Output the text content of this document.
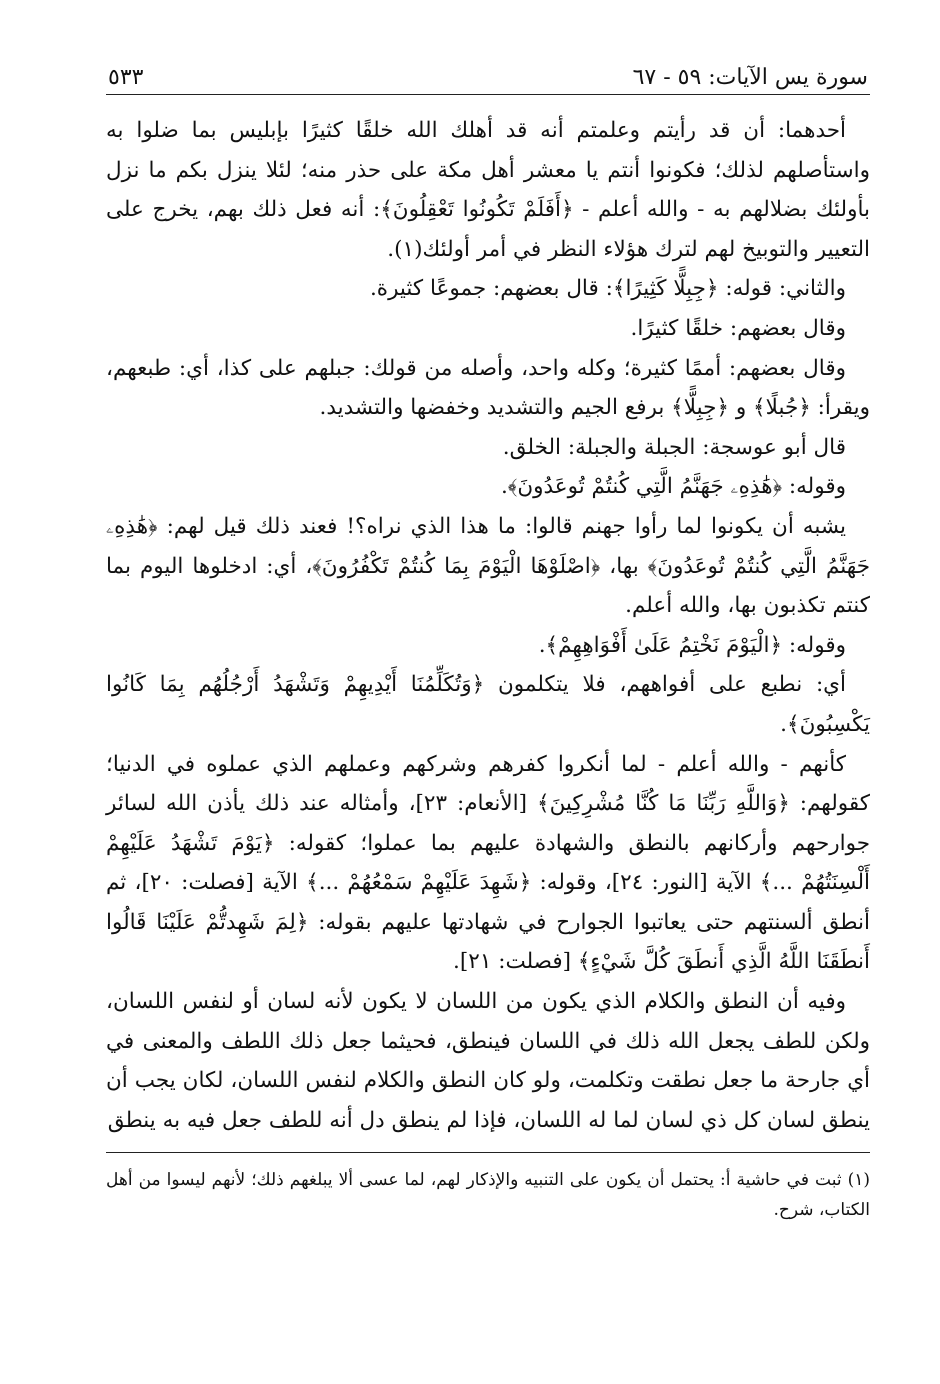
سورة يس الآيات: ٥٩ - ٦٧
٥٣٣

أحدهما: أن قد رأيتم وعلمتم أنه قد أهلك الله خلقًا كثيرًا بإبليس بما ضلوا به واستأصلهم لذلك؛ فكونوا أنتم يا معشر أهل مكة على حذر منه؛ لئلا ينزل بكم ما نزل بأولئك بضلالهم به - والله أعلم - ﴿أَفَلَمْ تَكُونُوا تَعْقِلُونَ﴾: أنه فعل ذلك بهم، يخرج على التعيير والتوبيخ لهم لترك هؤلاء النظر في أمر أولئك(١).

والثاني: قوله: ﴿جِبِلًّا كَثِيرًا﴾: قال بعضهم: جموعًا كثيرة.

وقال بعضهم: خلقًا كثيرًا.

وقال بعضهم: أممًا كثيرة؛ وكله واحد، وأصله من قولك: جبلهم على كذا، أي: طبعهم، ويقرأ: ﴿جُبلًا﴾ و ﴿جِبِلًّا﴾ برفع الجيم والتشديد وخفضها والتشديد.

قال أبو عوسجة: الجبلة والجبلة: الخلق.

وقوله: ﴿هَٰذِهِۦ جَهَنَّمُ الَّتِي كُنتُمْ تُوعَدُونَ﴾.

يشبه أن يكونوا لما رأوا جهنم قالوا: ما هذا الذي نراه؟! فعند ذلك قيل لهم: ﴿هَٰذِهِۦ جَهَنَّمُ الَّتِي كُنتُمْ تُوعَدُونَ﴾ بها، ﴿اصْلَوْهَا الْيَوْمَ بِمَا كُنتُمْ تَكْفُرُونَ﴾، أي: ادخلوها اليوم بما كنتم تكذبون بها، والله أعلم.

وقوله: ﴿الْيَوْمَ نَخْتِمُ عَلَىٰ أَفْوَاهِهِمْ﴾.

أي: نطبع على أفواههم، فلا يتكلمون ﴿وَتُكَلِّمُنَا أَيْدِيهِمْ وَتَشْهَدُ أَرْجُلُهُم بِمَا كَانُوا يَكْسِبُونَ﴾.

كأنهم - والله أعلم - لما أنكروا كفرهم وشركهم وعملهم الذي عملوه في الدنيا؛ كقولهم: ﴿وَاللَّهِ رَبِّنَا مَا كُنَّا مُشْرِكِينَ﴾ [الأنعام: ٢٣]، وأمثاله عند ذلك يأذن الله لسائر جوارحهم وأركانهم بالنطق والشهادة عليهم بما عملوا؛ كقوله: ﴿يَوْمَ تَشْهَدُ عَلَيْهِمْ أَلْسِنَتُهُمْ ...﴾ الآية [النور: ٢٤]، وقوله: ﴿شَهِدَ عَلَيْهِمْ سَمْعُهُمْ ...﴾ الآية [فصلت: ٢٠]، ثم أنطق ألسنتهم حتى يعاتبوا الجوارح في شهادتها عليهم بقوله: ﴿لِمَ شَهِدتُّمْ عَلَيْنَا قَالُوا أَنطَقَنَا اللَّهُ الَّذِي أَنطَقَ كُلَّ شَيْءٍ﴾ [فصلت: ٢١].

وفيه أن النطق والكلام الذي يكون من اللسان لا يكون لأنه لسان أو لنفس اللسان، ولكن للطف يجعل الله ذلك في اللسان فينطق، فحيثما جعل ذلك اللطف والمعنى في أي جارحة ما جعل نطقت وتكلمت، ولو كان النطق والكلام لنفس اللسان، لكان يجب أن ينطق لسان كل ذي لسان لما له اللسان، فإذا لم ينطق دل أنه للطف جعل فيه به ينطق

(١) ثبت في حاشية أ: يحتمل أن يكون على التنبيه والإذكار لهم، لما عسى ألا يبلغهم ذلك؛ لأنهم ليسوا من أهل الكتاب، شرح.
